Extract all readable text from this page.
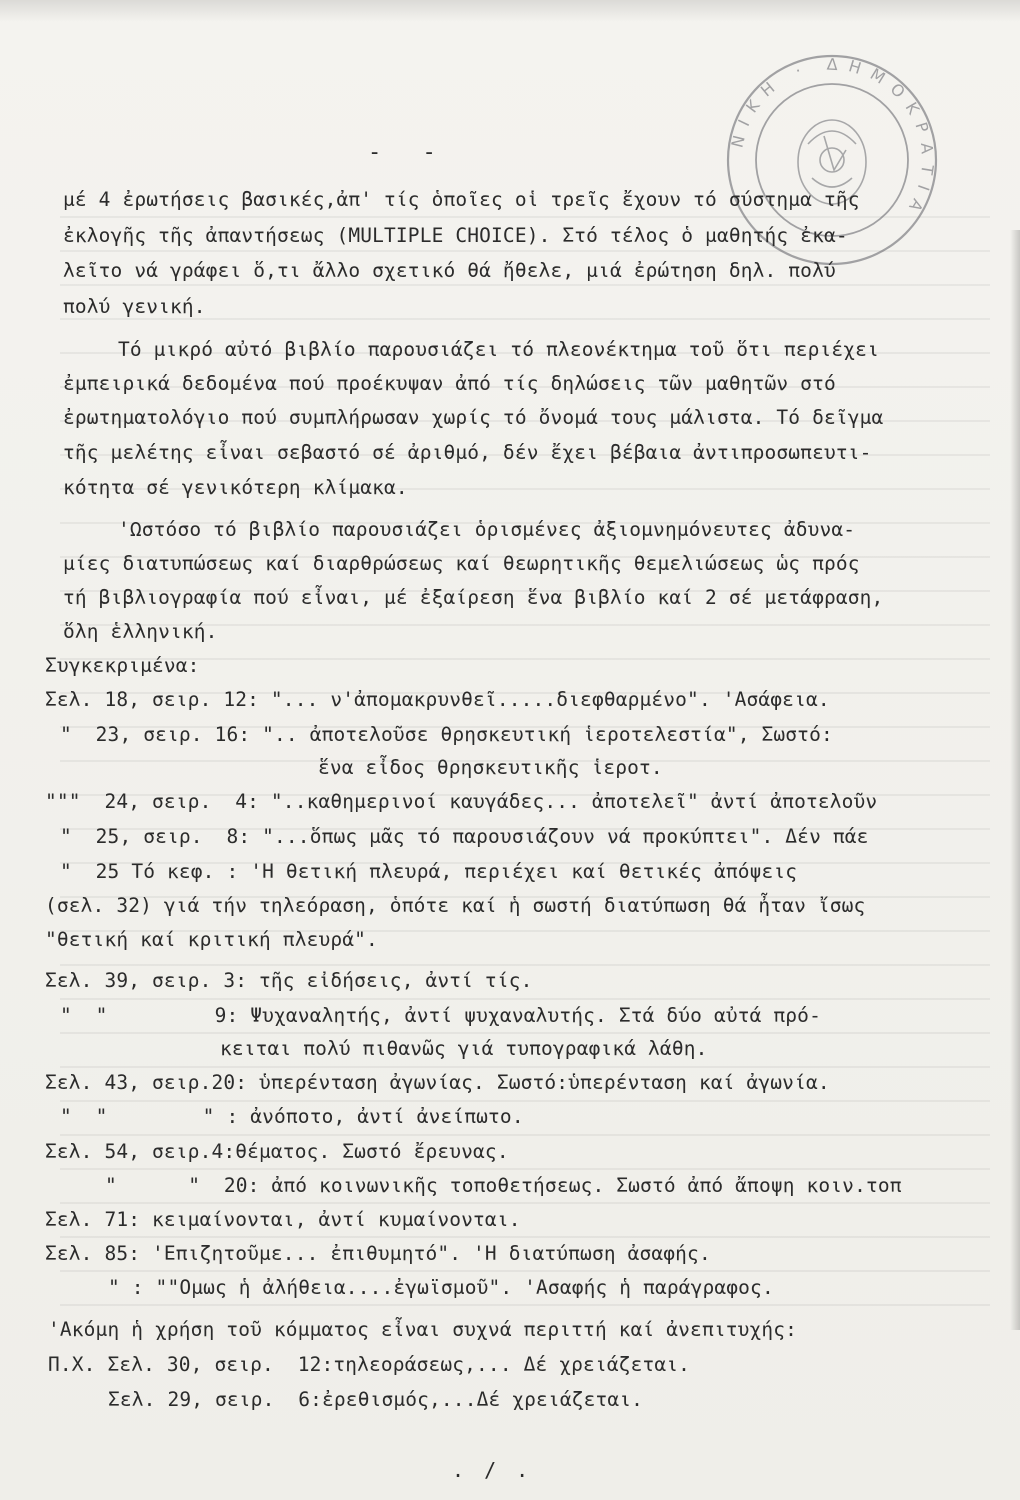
ΝΙΚΗ · ΔΗΜΟΚΡΑΤΙΑ
- -
μέ 4 ἐρωτήσεις βασικές,ἀπ' τίς ὁποῖες οἱ τρεῖς ἔχουν τό σύστημα τῆς
ἐκλογῆς τῆς ἀπαντήσεως (MULTIPLE CHOICE). Στό τέλος ὁ μαθητής ἐκα-
λεῖτο νά γράφει ὅ,τι ἄλλο σχετικό θά ἤθελε, μιά ἐρώτηση δηλ. πολύ
πολύ γενική.
Τό μικρό αὐτό βιβλίο παρουσιάζει τό πλεονέκτημα τοῦ ὅτι περιέχει
ἐμπειρικά δεδομένα πού προέκυψαν ἀπό τίς δηλώσεις τῶν μαθητῶν στό
ἐρωτηματολόγιο πού συμπλήρωσαν χωρίς τό ὄνομά τους μάλιστα. Τό δεῖγμα
τῆς μελέτης εἶναι σεβαστό σέ ἀριθμό, δέν ἔχει βέβαια ἀντιπροσωπευτι-
κότητα σέ γενικότερη κλίμακα.
'Ωστόσο τό βιβλίο παρουσιάζει ὁρισμένες ἀξιομνημόνευτες ἀδυνα-
μίες διατυπώσεως καί διαρθρώσεως καί θεωρητικῆς θεμελιώσεως ὡς πρός
τή βιβλιογραφία πού εἶναι, μέ ἐξαίρεση ἕνα βιβλίο καί 2 σέ μετάφραση,
ὅλη ἑλληνική.
Συγκεκριμένα:
Σελ. 18, σειρ. 12: "... ν'ἀπομακρυνθεῖ.....διεφθαρμένο". 'Ασάφεια.
"  23, σειρ. 16: ".. ἀποτελοῦσε θρησκευτική ἱεροτελεστία", Σωστό:
ἕνα εἶδος θρησκευτικῆς ἱεροτ.
"""  24, σειρ.  4: "..καθημερινοί καυγάδες... ἀποτελεῖ" ἀντί ἀποτελοῦν
"  25, σειρ.  8: "...ὅπως μᾶς τό παρουσιάζουν νά προκύπτει". Δέν πάε
"  25 Τό κεφ. : 'Η θετική πλευρά, περιέχει καί θετικές ἀπόψεις
(σελ. 32) γιά τήν τηλεόραση, ὁπότε καί ἡ σωστή διατύπωση θά ἦταν ἴσως
"θετική καί κριτική πλευρά".
Σελ. 39, σειρ. 3: τῆς εἰδήσεις, ἀντί τίς.
"  "         9: Ψυχαναλητής, ἀντί ψυχαναλυτής. Στά δύο αὐτά πρό-
κειται πολύ πιθανῶς γιά τυπογραφικά λάθη.
Σελ. 43, σειρ.20: ὑπερένταση ἀγωνίας. Σωστό:ὑπερένταση καί ἀγωνία.
"  "        " : ἀνόποτο, ἀντί ἀνείπωτο.
Σελ. 54, σειρ.4:θέματος. Σωστό ἔρευνας.
"      "  20: ἀπό κοινωνικῆς τοποθετήσεως. Σωστό ἀπό ἄποψη κοιν.τοπ
Σελ. 71: κειμαίνονται, ἀντί κυμαίνονται.
Σελ. 85: 'Επιζητοῦμε... ἐπιθυμητό". 'Η διατύπωση ἀσαφής.
" : ""Ομως ἡ ἀλήθεια....ἐγωϊσμοῦ". 'Ασαφής ἡ παράγραφος.
'Ακόμη ἡ χρήση τοῦ κόμματος εἶναι συχνά περιττή καί ἀνεπιτυχής:
Π.Χ. Σελ. 30, σειρ.  12:τηλεοράσεως,... Δέ χρειάζεται.
Σελ. 29, σειρ.  6:ἐρεθισμός,...Δέ χρειάζεται.
. / .
